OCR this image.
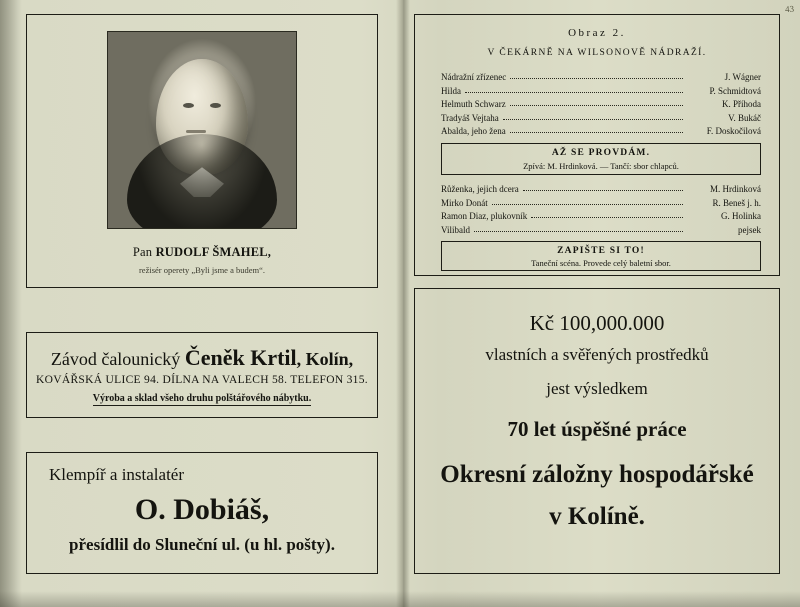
43
Pan RUDOLF ŠMAHEL,
režisér operety „Byli jsme a budem“.
Závod čalounický Čeněk Krtil, Kolín,
KOVÁŘSKÁ ULICE 94. DÍLNA NA VALECH 58. TELEFON 315.
Výroba a sklad všeho druhu polštářového nábytku.
Klempíř a instalatér
O. Dobiáš,
přesídlil do Sluneční ul. (u hl. pošty).
Obraz 2.
V ČEKÁRNĚ NA WILSONOVĚ NÁDRAŽÍ.
Nádražní zřízenec	J. Wágner
Hilda	P. Schmidtová
Helmuth Schwarz	K. Příhoda
Tradyáš Vejtaha	V. Bukáč
Abalda, jeho žena	F. Doskočilová
AŽ SE PROVDÁM.
Zpívá: M. Hrdinková. — Tančí: sbor chlapců.
Růženka, jejich dcera	M. Hrdinková
Mirko Donát	R. Beneš j. h.
Ramon Diaz, plukovník	G. Holinka
Vilibald	pejsek
ZAPIŠTE SI TO!
Taneční scéna. Provede celý baletní sbor.
Kč 100,000.000
vlastních a svěřených prostředků
jest výsledkem
70 let úspěšné práce
Okresní záložny hospodářské
v Kolíně.
